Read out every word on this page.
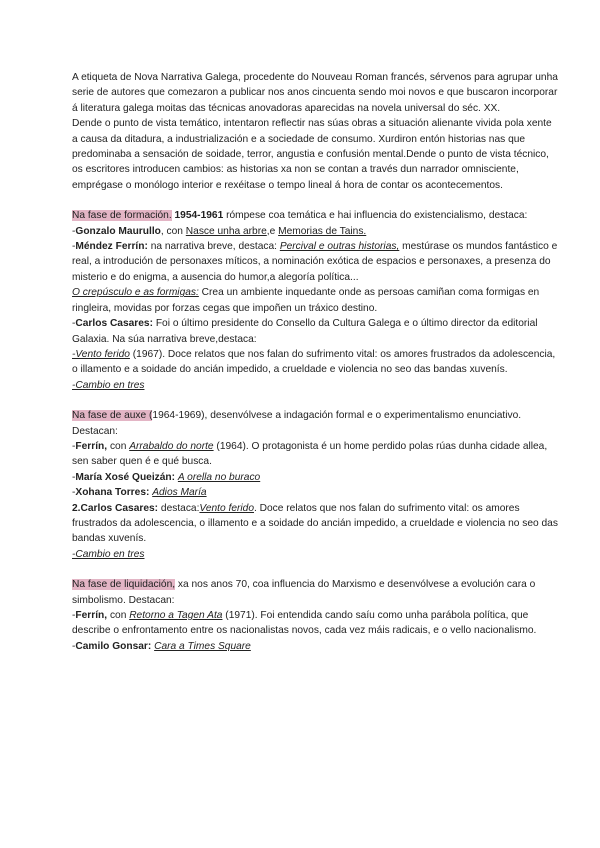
A etiqueta de Nova Narrativa Galega, procedente do Nouveau Roman francés, sérvenos para agrupar unha serie de autores que comezaron a publicar nos anos cincuenta sendo moi novos e que buscaron incorporar á literatura galega moitas das técnicas anovadoras aparecidas na novela universal do séc. XX.

Dende o punto de vista temático, intentaron reflectir nas súas obras a situación alienante vivida pola xente a causa da ditadura, a industrialización e a sociedade de consumo. Xurdiron entón historias nas que predominaba a sensación de soidade, terror, angustia e confusión mental.Dende o punto de vista técnico, os escritores introducen cambios: as historias xa non se contan a través dun narrador omnisciente, emprégase o monólogo interior e rexéitase o tempo lineal á hora de contar os acontecementos.

Na fase de formación. 1954-1961 rómpese coa temática e hai influencia do existencialismo, destaca:

-Gonzalo Maurullo, con Nasce unha arbre,e Memorias de Tains.

-Méndez Ferrín: na narrativa breve, destaca: Percival e outras historias, mestúrase os mundos fantástico e real, a introdución de personaxes míticos, a nominación exótica de espacios e personaxes, a presenza do misterio e do enigma, a ausencia do humor,a alegoría política...

O crepúsculo e as formigas: Crea un ambiente inquedante onde as persoas camiñan coma formigas en ringleira, movidas por forzas cegas que impoñen un tráxico destino.

-Carlos Casares: Foi o último presidente do Consello da Cultura Galega e o último director da editorial Galaxia. Na súa narrativa breve,destaca:

-Vento ferido (1967). Doce relatos que nos falan do sufrimento vital: os amores frustrados da adolescencia, o illamento e a soidade do ancián impedido, a crueldade e violencia no seo das bandas xuvenís.

-Cambio en tres

Na fase de auxe (1964-1969), desenvólvese a indagación formal e o experimentalismo enunciativo. Destacan:

-Ferrín, con Arrabaldo do norte (1964). O protagonista é un home perdido polas rúas dunha cidade allea, sen saber quen é e qué busca.

-María Xosé Queizán: A orella no buraco

-Xohana Torres: Adios María

2.Carlos Casares: destaca:Vento ferido. Doce relatos que nos falan do sufrimento vital: os amores frustrados da adolescencia, o illamento e a soidade do ancián impedido, a crueldade e violencia no seo das bandas xuvenís.

-Cambio en tres

Na fase de liquidación, xa nos anos 70, coa influencia do Marxismo e desenvólvese a evolución cara o simbolismo. Destacan:

-Ferrín, con Retorno a Tagen Ata (1971). Foi entendida cando saíu como unha parábola política, que describe o enfrontamento entre os nacionalistas novos, cada vez máis radicais, e o vello nacionalismo.

-Camilo Gonsar: Cara a Times Square
